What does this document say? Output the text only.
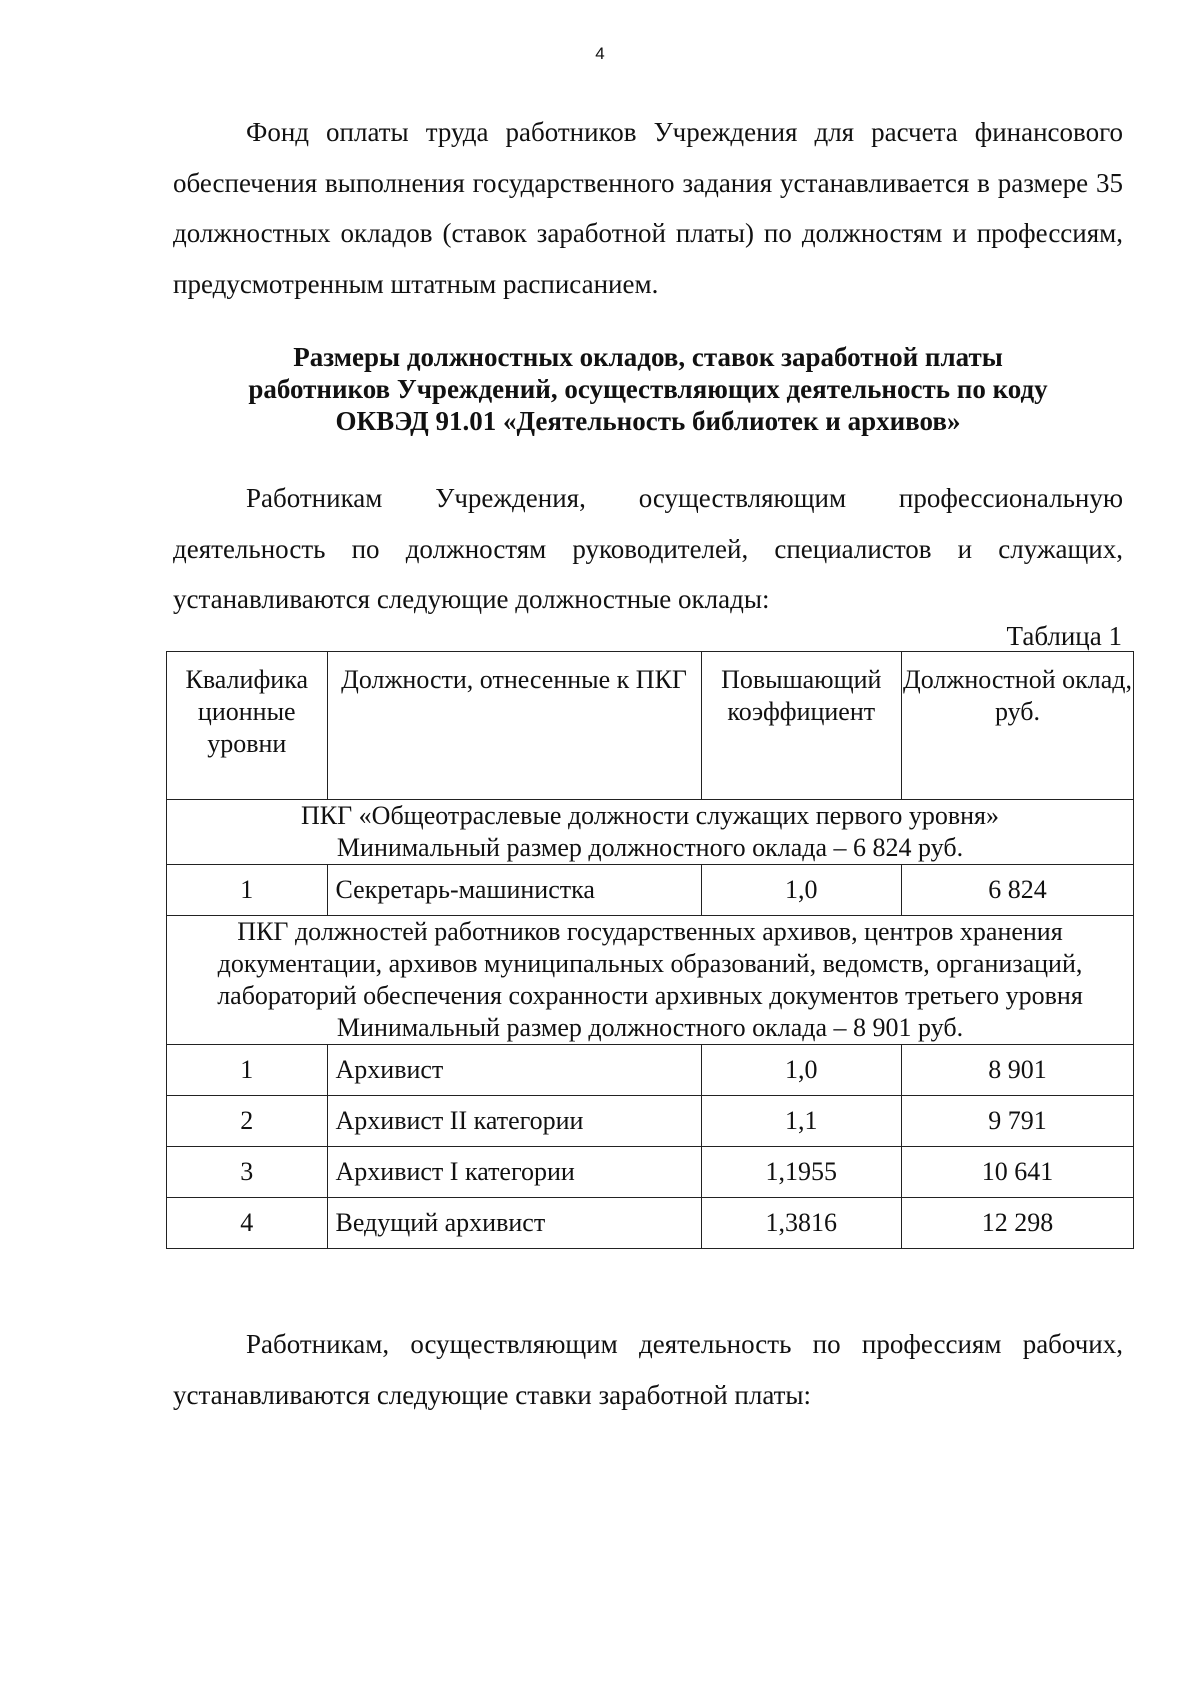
4

Фонд оплаты труда работников Учреждения для расчета финансового обеспечения выполнения государственного задания устанавливается в размере 35 должностных окладов (ставок заработной платы) по должностям и профессиям, предусмотренным штатным расписанием.

Размеры должностных окладов, ставок заработной платы
работников Учреждений, осуществляющих деятельность по коду
ОКВЭД 91.01 «Деятельность библиотек и архивов»

Работникам Учреждения, осуществляющим профессиональную деятельность по должностям руководителей, специалистов и служащих, устанавливаются следующие должностные оклады:

Таблица 1
Квалифика ционные уровни	Должности, отнесенные к ПКГ	Повышающий коэффициент	Должностной оклад, руб.

ПКГ «Общеотраслевые должности служащих первого уровня»
Минимальный размер должностного оклада – 6 824 руб.			

1	Секретарь-машинистка	1,0	6 824

ПКГ должностей работников государственных архивов, центров хранения
документации, архивов муниципальных образований, ведомств, организаций,
лабораторий обеспечения сохранности архивных документов третьего уровня
Минимальный размер должностного оклада – 8 901 руб.			

1	Архивист	1,0	8 901
2	Архивист II категории	1,1	9 791
3	Архивист I категории	1,1955	10 641
4	Ведущий архивист	1,3816	12 298

Работникам, осуществляющим деятельность по профессиям рабочих, устанавливаются следующие ставки заработной платы:
